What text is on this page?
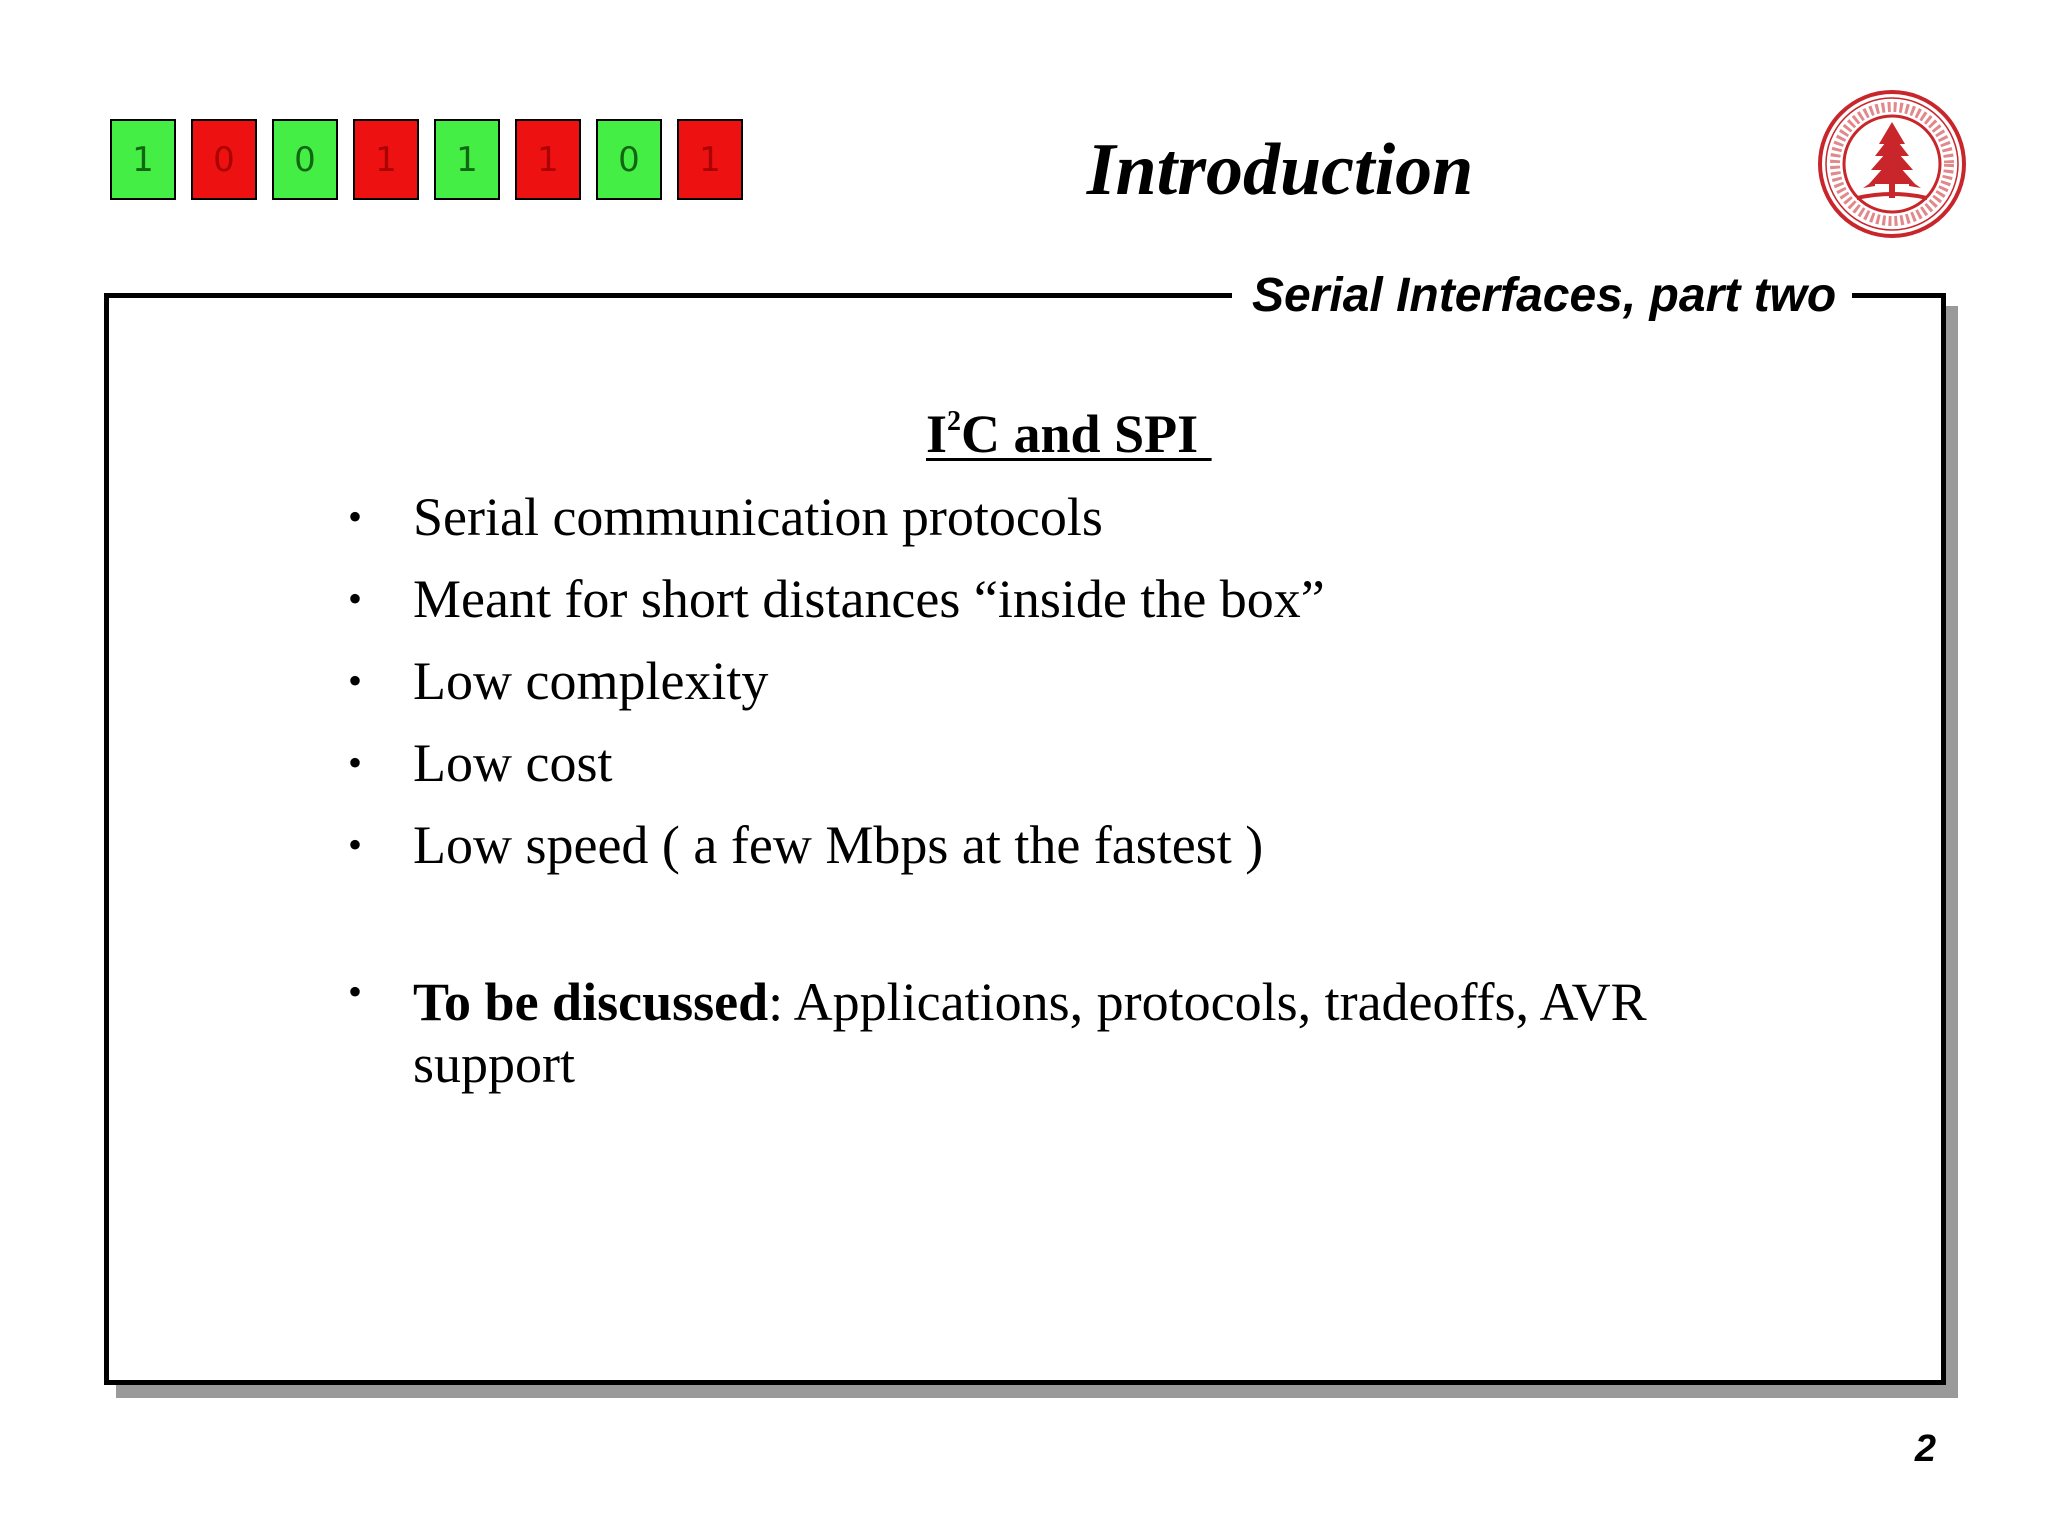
1	0	0	1	1	1	0	1	Introduction
Serial Interfaces, part two
$I^2C$ and SPI
• Serial communication protocols
• Meant for short distances “inside the box”
• Low complexity
• Low cost
• Low speed ( a few Mbps at the fastest )
• To be discussed: Applications, protocols, tradeoffs, AVR support
2
